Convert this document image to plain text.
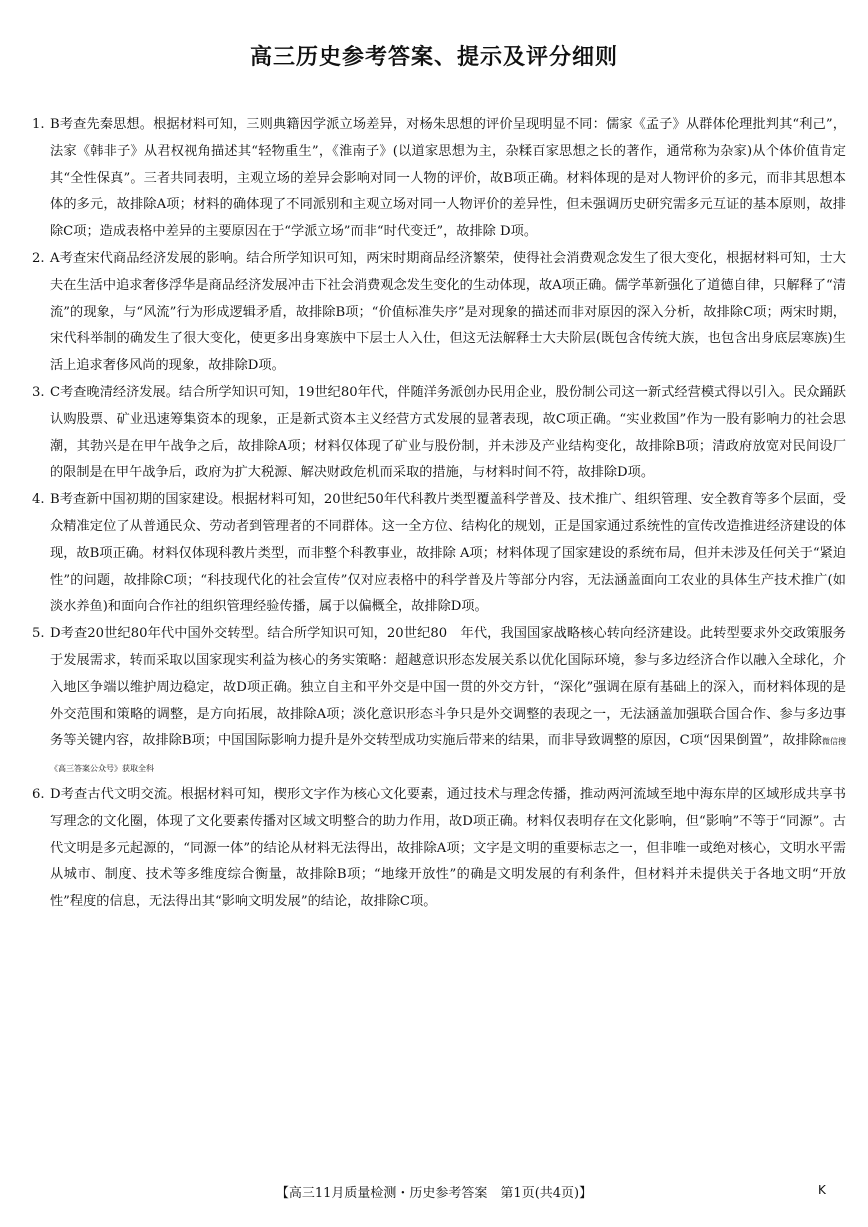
高三历史参考答案、提示及评分细则

1. B考查先秦思想。根据材料可知，三则典籍因学派立场差异，对杨朱思想的评价呈现明显不同：儒家《孟子》从群体伦理批判其“利己”，法家《韩非子》从君权视角描述其“轻物重生”，《淮南子》(以道家思想为主，杂糅百家思想之长的著作，通常称为杂家)从个体价值肯定其“全性保真”。三者共同表明，主观立场的差异会影响对同一人物的评价，故B项正确。材料体现的是对人物评价的多元，而非其思想本体的多元，故排除A项；材料的确体现了不同派别和主观立场对同一人物评价的差异性，但未强调历史研究需多元互证的基本原则，故排除C项；造成表格中差异的主要原因在于“学派立场”而非“时代变迁”，故排除 D项。

2. A考查宋代商品经济发展的影响。结合所学知识可知，两宋时期商品经济繁荣，使得社会消费观念发生了很大变化，根据材料可知，士大夫在生活中追求奢侈浮华是商品经济发展冲击下社会消费观念发生变化的生动体现，故A项正确。儒学革新强化了道德自律，只解释了“清流”的现象，与“风流”行为形成逻辑矛盾，故排除B项；“价值标准失序”是对现象的描述而非对原因的深入分析，故排除C项；两宋时期，宋代科举制的确发生了很大变化，使更多出身寒族中下层士人入仕，但这无法解释士大夫阶层(既包含传统大族，也包含出身底层寒族)生活上追求奢侈风尚的现象，故排除D项。

3. C考查晚清经济发展。结合所学知识可知，19世纪80年代，伴随洋务派创办民用企业，股份制公司这一新式经营模式得以引入。民众踊跃认购股票、矿业迅速筹集资本的现象，正是新式资本主义经营方式发展的显著表现，故C项正确。“实业救国”作为一股有影响力的社会思潮，其勃兴是在甲午战争之后，故排除A项；材料仅体现了矿业与股份制，并未涉及产业结构变化，故排除B项；清政府放宽对民间设厂的限制是在甲午战争后，政府为扩大税源、解决财政危机而采取的措施，与材料时间不符，故排除D项。

4. B考查新中国初期的国家建设。根据材料可知，20世纪50年代科教片类型覆盖科学普及、技术推广、组织管理、安全教育等多个层面，受众精准定位了从普通民众、劳动者到管理者的不同群体。这一全方位、结构化的规划，正是国家通过系统性的宣传改造推进经济建设的体现，故B项正确。材料仅体现科教片类型，而非整个科教事业，故排除 A项；材料体现了国家建设的系统布局，但并未涉及任何关于“紧迫性”的问题，故排除C项；“科技现代化的社会宣传”仅对应表格中的科学普及片等部分内容，无法涵盖面向工农业的具体生产技术推广(如淡水养鱼)和面向合作社的组织管理经验传播，属于以偏概全，故排除D项。

5. D考查20世纪80年代中国外交转型。结合所学知识可知，20世纪80　年代，我国国家战略核心转向经济建设。此转型要求外交政策服务于发展需求，转而采取以国家现实利益为核心的务实策略：超越意识形态发展关系以优化国际环境，参与多边经济合作以融入全球化，介入地区争端以维护周边稳定，故D项正确。独立自主和平外交是中国一贯的外交方针，“深化”强调在原有基础上的深入，而材料体现的是外交范围和策略的调整，是方向拓展，故排除A项；淡化意识形态斗争只是外交调整的表现之一，无法涵盖加强联合国合作、参与多边事务等关键内容，故排除B项；中国国际影响力提升是外交转型成功实施后带来的结果，而非导致调整的原因，C项“因果倒置”，故排除微信搜《高三答案公众号》获取全科

6. D考查古代文明交流。根据材料可知，楔形文字作为核心文化要素，通过技术与理念传播，推动两河流域至地中海东岸的区域形成共享书写理念的文化圈，体现了文化要素传播对区域文明整合的助力作用，故D项正确。材料仅表明存在文化影响，但“影响”不等于“同源”。古代文明是多元起源的，“同源一体”的结论从材料无法得出，故排除A项；文字是文明的重要标志之一，但非唯一或绝对核心，文明水平需从城市、制度、技术等多维度综合衡量，故排除B项；“地缘开放性”的确是文明发展的有利条件，但材料并未提供关于各地文明“开放性”程度的信息，无法得出其“影响文明发展”的结论，故排除C项。

【高三11月质量检测・历史参考答案　第1页(共4页)】	K
